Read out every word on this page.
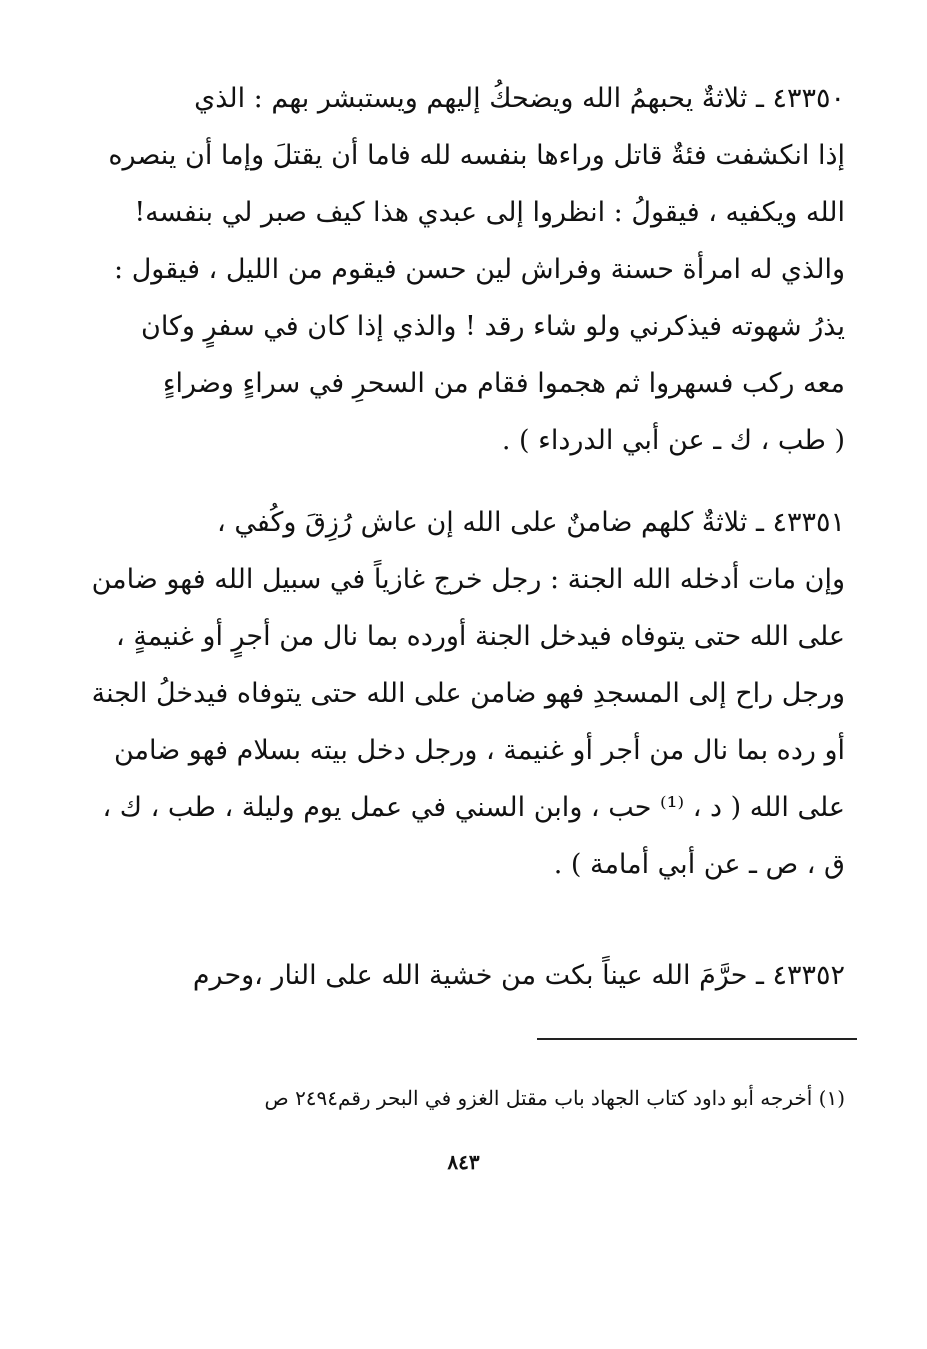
٤٣٣٥٠ ـ ثلاثةٌ يحبهمُ الله ويضحكُ إليهم ويستبشر بهم : الذي
إذا انكشفت فئةٌ قاتل وراءها بنفسه لله فاما أن يقتلَ وإما أن ينصره
الله ويكفيه ، فيقولُ : انظروا إلى عبدي هذا كيف صبر لي بنفسه!
والذي له امرأة حسنة وفراش لين حسن فيقوم من الليل ، فيقول :
يذرُ شهوته فيذكرني ولو شاء رقد ! والذي إذا كان في سفرٍ وكان
معه ركب فسهروا ثم هجموا فقام من السحرِ في سراءٍ وضراءٍ
( طب ، ك ـ عن أبي الدرداء ) .
٤٣٣٥١ ـ ثلاثةٌ كلهم ضامنٌ على الله إن عاش رُزِقَ وكُفي ،
وإن مات أدخله الله الجنة : رجل خرج غازياً في سبيل الله فهو ضامن
على الله حتى يتوفاه فيدخل الجنة أورده بما نال من أجرٍ أو غنيمةٍ ،
ورجل راح إلى المسجدِ فهو ضامن على الله حتى يتوفاه فيدخلُ الجنة
أو رده بما نال من أجر أو غنيمة ، ورجل دخل بيته بسلام فهو ضامن
على الله ( د ، ⁽¹⁾ حب ، وابن السني في عمل يوم وليلة ، طب ، ك ،
ق ، ص ـ عن أبي أمامة ) .
٤٣٣٥٢ ـ حرَّمَ الله عيناً بكت من خشية الله على النار ،وحرم
(١) أخرجه أبو داود كتاب الجهاد باب مقتل الغزو في البحر رقم٢٤٩٤ ص
٨٤٣
